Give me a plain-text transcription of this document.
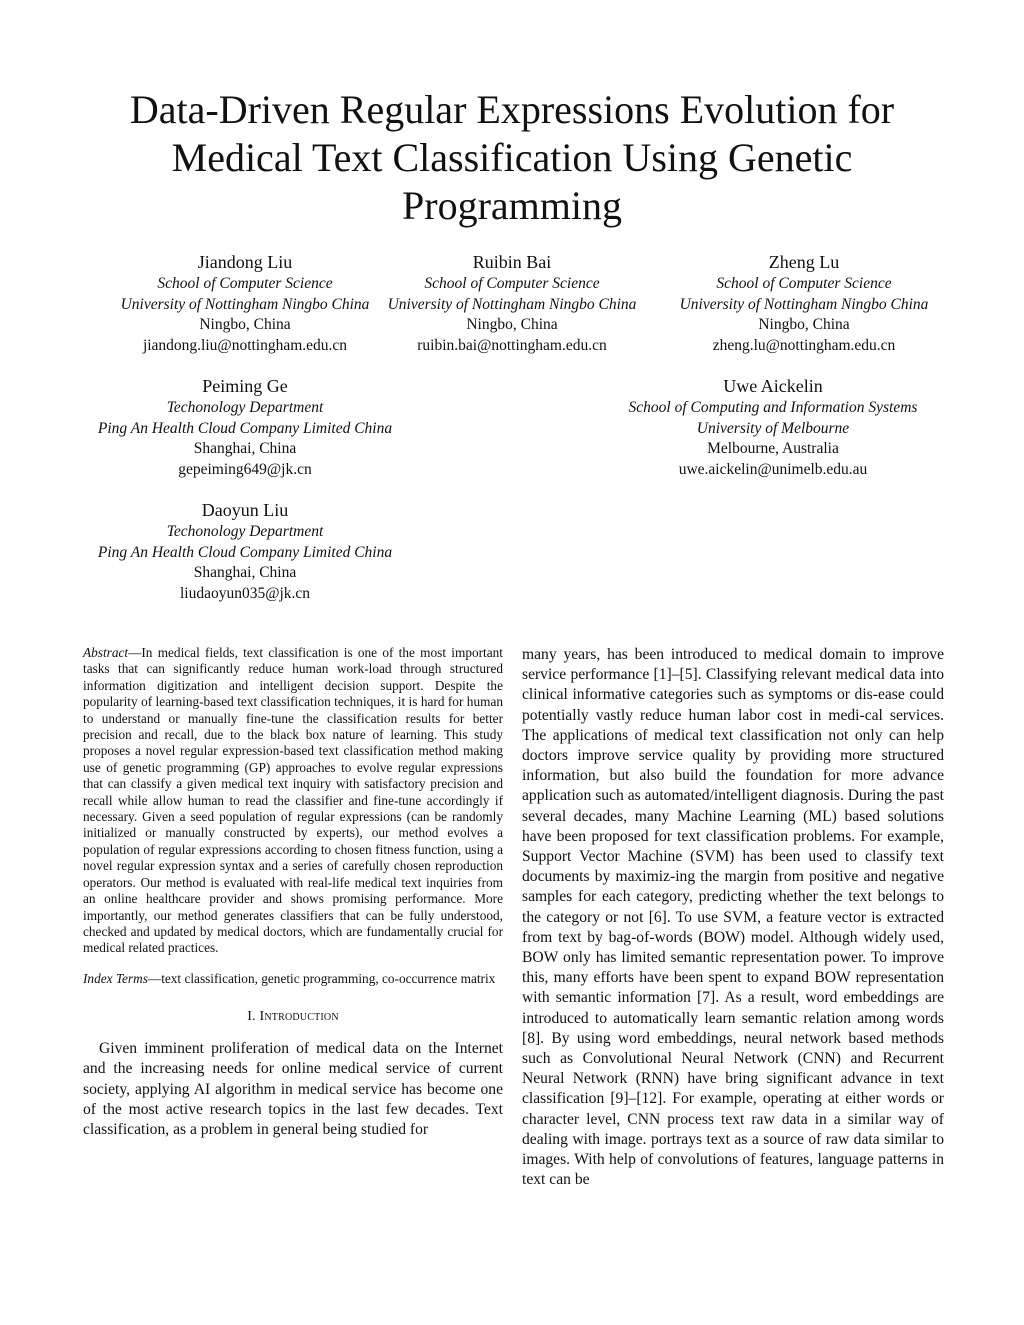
Data-Driven Regular Expressions Evolution for
Medical Text Classification Using Genetic
Programming
Jiandong Liu
School of Computer Science
University of Nottingham Ningbo China
Ningbo, China
jiandong.liu@nottingham.edu.cn
Ruibin Bai
School of Computer Science
University of Nottingham Ningbo China
Ningbo, China
ruibin.bai@nottingham.edu.cn
Zheng Lu
School of Computer Science
University of Nottingham Ningbo China
Ningbo, China
zheng.lu@nottingham.edu.cn
Peiming Ge
Techonology Department
Ping An Health Cloud Company Limited China
Shanghai, China
gepeiming649@jk.cn
Uwe Aickelin
School of Computing and Information Systems
University of Melbourne
Melbourne, Australia
uwe.aickelin@unimelb.edu.au
Daoyun Liu
Techonology Department
Ping An Health Cloud Company Limited China
Shanghai, China
liudaoyun035@jk.cn

Abstract—In medical fields, text classification is one of the most important tasks that can significantly reduce human work-load through structured information digitization and intelligent decision support. Despite the popularity of learning-based text classification techniques, it is hard for human to understand or manually fine-tune the classification results for better precision and recall, due to the black box nature of learning. This study proposes a novel regular expression-based text classification method making use of genetic programming (GP) approaches to evolve regular expressions that can classify a given medical text inquiry with satisfactory precision and recall while allow human to read the classifier and fine-tune accordingly if necessary. Given a seed population of regular expressions (can be randomly initialized or manually constructed by experts), our method evolves a population of regular expressions according to chosen fitness function, using a novel regular expression syntax and a series of carefully chosen reproduction operators. Our method is evaluated with real-life medical text inquiries from an online healthcare provider and shows promising performance. More importantly, our method generates classifiers that can be fully understood, checked and updated by medical doctors, which are fundamentally crucial for medical related practices.

Index Terms—text classification, genetic programming, co-occurrence matrix

I. Introduction

Given imminent proliferation of medical data on the Internet and the increasing needs for online medical service of current society, applying AI algorithm in medical service has become one of the most active research topics in the last few decades. Text classification, as a problem in general being studied for

many years, has been introduced to medical domain to improve service performance [1]–[5]. Classifying relevant medical data into clinical informative categories such as symptoms or dis-ease could potentially vastly reduce human labor cost in medi-cal services. The applications of medical text classification not only can help doctors improve service quality by providing more structured information, but also build the foundation for more advance application such as automated/intelligent diagnosis. During the past several decades, many Machine Learning (ML) based solutions have been proposed for text classification problems. For example, Support Vector Machine (SVM) has been used to classify text documents by maximiz-ing the margin from positive and negative samples for each category, predicting whether the text belongs to the category or not [6]. To use SVM, a feature vector is extracted from text by bag-of-words (BOW) model. Although widely used, BOW only has limited semantic representation power. To improve this, many efforts have been spent to expand BOW representation with semantic information [7]. As a result, word embeddings are introduced to automatically learn semantic relation among words [8]. By using word embeddings, neural network based methods such as Convolutional Neural Network (CNN) and Recurrent Neural Network (RNN) have bring significant advance in text classification [9]–[12]. For example, operating at either words or character level, CNN process text raw data in a similar way of dealing with image. portrays text as a source of raw data similar to images. With help of convolutions of features, language patterns in text can be
